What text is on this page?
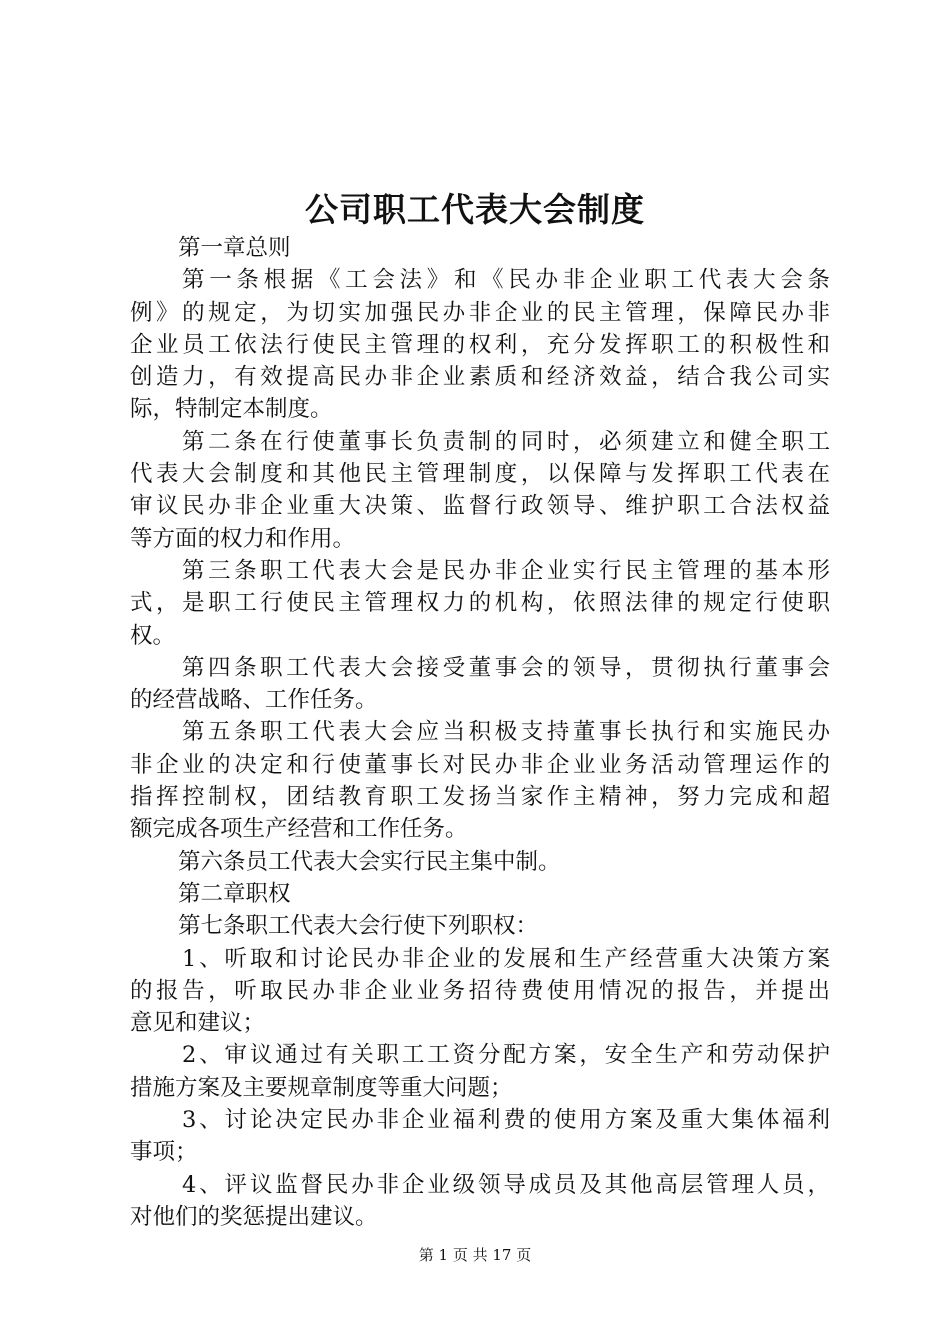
公司职工代表大会制度
第一章总则
第一条根据《工会法》和《民办非企业职工代表大会条
例》的规定，为切实加强民办非企业的民主管理，保障民办非
企业员工依法行使民主管理的权利，充分发挥职工的积极性和
创造力，有效提高民办非企业素质和经济效益，结合我公司实
际，特制定本制度。
第二条在行使董事长负责制的同时，必须建立和健全职工
代表大会制度和其他民主管理制度，以保障与发挥职工代表在
审议民办非企业重大决策、监督行政领导、维护职工合法权益
等方面的权力和作用。
第三条职工代表大会是民办非企业实行民主管理的基本形
式，是职工行使民主管理权力的机构，依照法律的规定行使职
权。
第四条职工代表大会接受董事会的领导，贯彻执行董事会
的经营战略、工作任务。
第五条职工代表大会应当积极支持董事长执行和实施民办
非企业的决定和行使董事长对民办非企业业务活动管理运作的
指挥控制权，团结教育职工发扬当家作主精神，努力完成和超
额完成各项生产经营和工作任务。
第六条员工代表大会实行民主集中制。
第二章职权
第七条职工代表大会行使下列职权：
1、听取和讨论民办非企业的发展和生产经营重大决策方案
的报告，听取民办非企业业务招待费使用情况的报告，并提出
意见和建议；
2、审议通过有关职工工资分配方案，安全生产和劳动保护
措施方案及主要规章制度等重大问题；
3、讨论决定民办非企业福利费的使用方案及重大集体福利
事项；
4、评议监督民办非企业级领导成员及其他高层管理人员，
对他们的奖惩提出建议。
第 1 页 共 17 页
